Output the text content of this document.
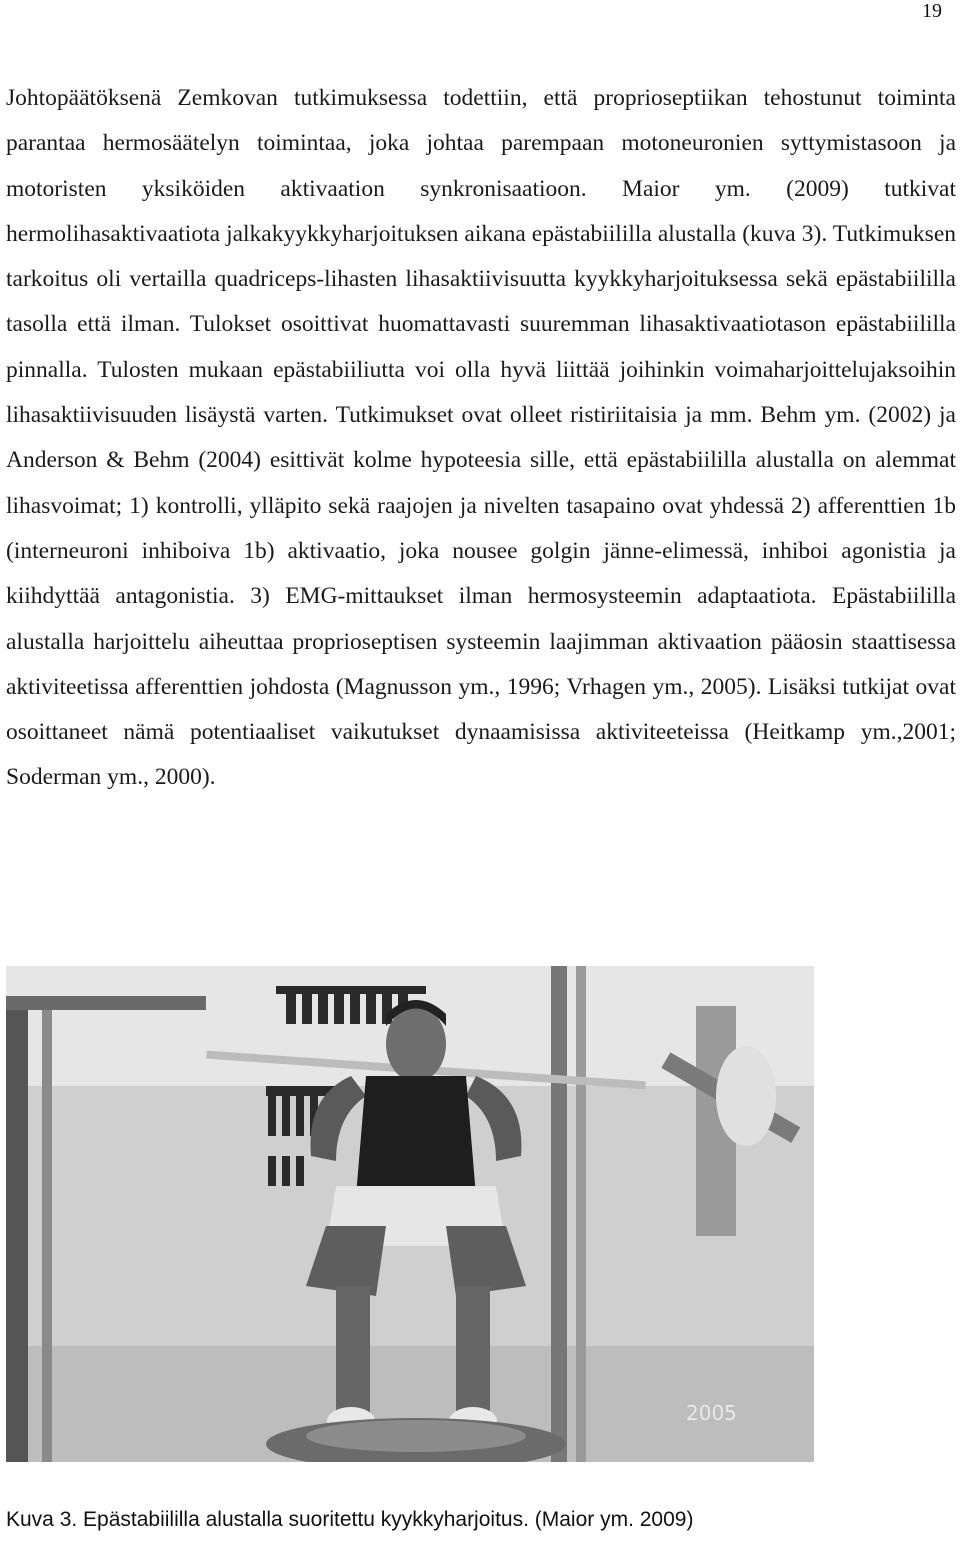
19

Johtopäätöksenä Zemkovan tutkimuksessa todettiin, että proprioseptiikan tehostunut toiminta parantaa hermosäätelyn toimintaa, joka johtaa parempaan motoneuronien syttymistasoon ja motoristen yksiköiden aktivaation synkronisaatioon. Maior ym. (2009) tutkivat hermolihasaktivaatiota jalkakyykkyharjoituksen aikana epästabiililla alustalla (kuva 3). Tutkimuksen tarkoitus oli vertailla quadriceps-lihasten lihasaktiivisuutta kyykkyharjoituksessa sekä epästabiililla tasolla että ilman. Tulokset osoittivat huomattavasti suuremman lihasaktivaatiotason epästabiililla pinnalla. Tulosten mukaan epästabiiliutta voi olla hyvä liittää joihinkin voimaharjoittelujaksoihin lihasaktiivisuuden lisäystä varten. Tutkimukset ovat olleet ristiriitaisia ja mm. Behm ym. (2002) ja Anderson & Behm (2004) esittivät kolme hypoteesia sille, että epästabiililla alustalla on alemmat lihasvoimat; 1) kontrolli, ylläpito sekä raajojen ja nivelten tasapaino ovat yhdessä 2) afferenttien 1b (interneuroni inhiboiva 1b) aktivaatio, joka nousee golgin jänne-elimessä, inhiboi agonistia ja kiihdyttää antagonistia. 3) EMG-mittaukset ilman hermosysteemin adaptaatiota. Epästabiililla alustalla harjoittelu aiheuttaa proprioseptisen systeemin laajimman aktivaation pääosin staattisessa aktiviteetissa afferenttien johdosta (Magnusson ym., 1996; Vrhagen ym., 2005). Lisäksi tutkijat ovat osoittaneet nämä potentiaaliset vaikutukset dynaamisissa aktiviteeteissa (Heitkamp ym.,2001; Soderman ym., 2000).

2005
Kuva 3. Epästabiililla alustalla suoritettu kyykkyharjoitus. (Maior ym. 2009)
